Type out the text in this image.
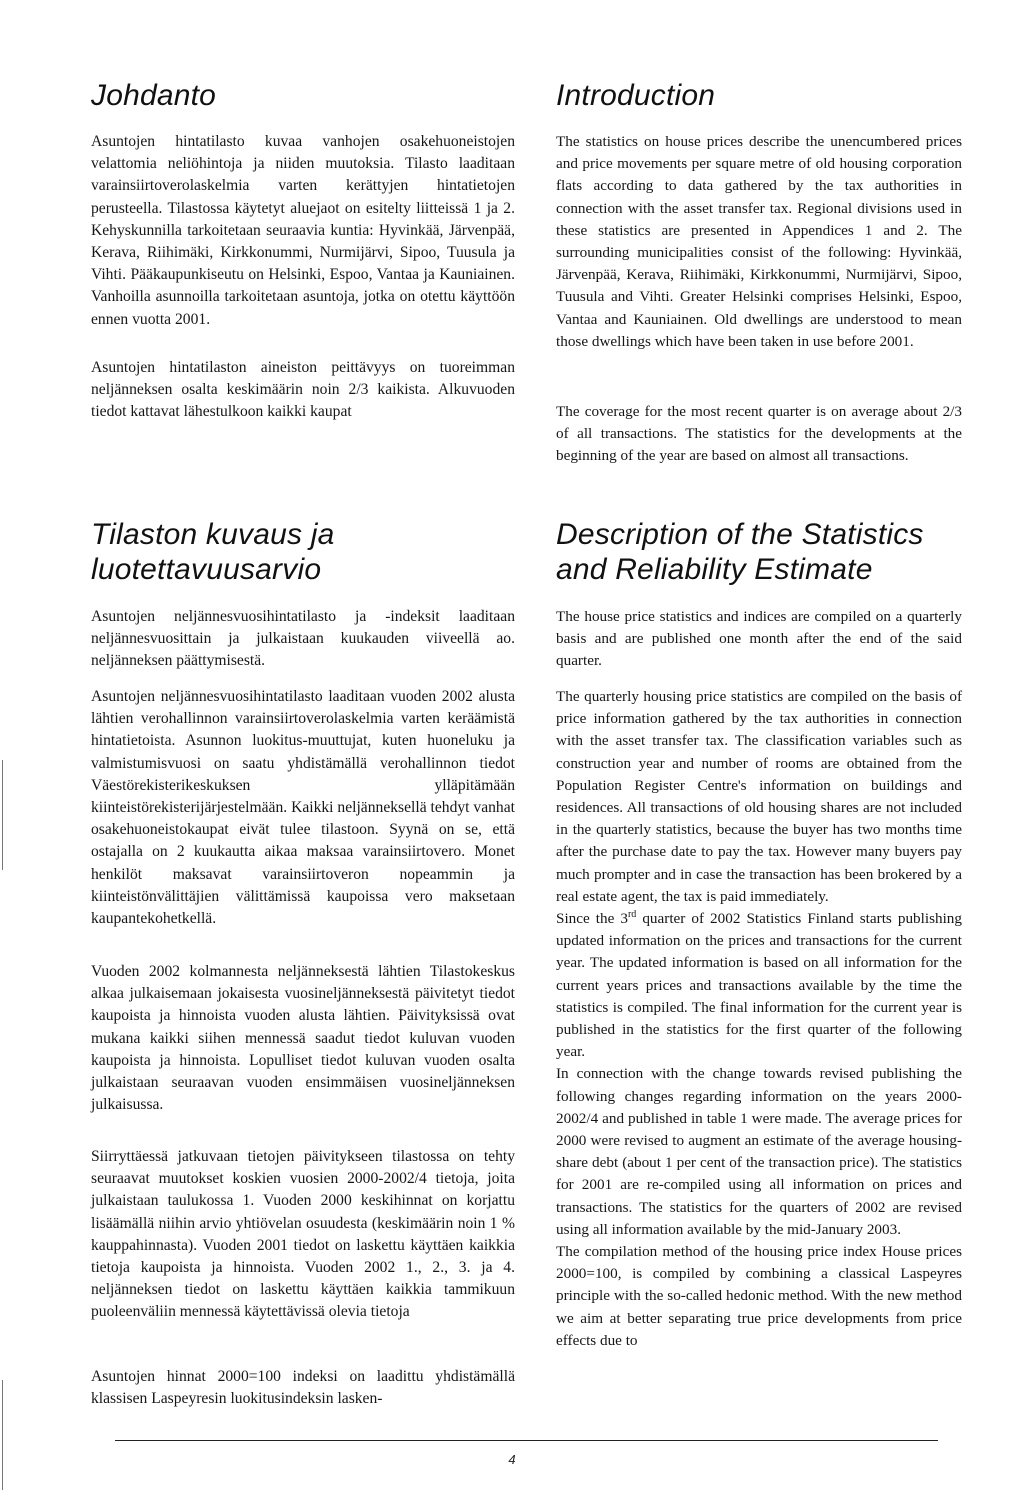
Johdanto

Asuntojen hintatilasto kuvaa vanhojen osakehuoneistojen velattomia neliöhintoja ja niiden muutoksia. Tilasto laaditaan varainsiirtoverolaskelmia varten kerättyjen hintatietojen perusteella. Tilastossa käytetyt aluejaot on esitelty liitteissä 1 ja 2. Kehyskunnilla tarkoitetaan seuraavia kuntia: Hyvinkää, Järvenpää, Kerava, Riihimäki, Kirkkonummi, Nurmijärvi, Sipoo, Tuusula ja Vihti. Pääkaupunkiseutu on Helsinki, Espoo, Vantaa ja Kauniainen. Vanhoilla asunnoilla tarkoitetaan asuntoja, jotka on otettu käyttöön ennen vuotta 2001.

Asuntojen hintatilaston aineiston peittävyys on tuoreimman neljänneksen osalta keskimäärin noin 2/3 kaikista. Alkuvuoden tiedot kattavat lähestulkoon kaikki kaupat

Tilaston kuvaus ja luotettavuusarvio

Asuntojen neljännesvuosihintatilasto ja -indeksit laaditaan neljännesvuosittain ja julkaistaan kuukauden viiveellä ao. neljänneksen päättymisestä.

Asuntojen neljännesvuosihintatilasto laaditaan vuoden 2002 alusta lähtien verohallinnon varainsiirtoverolaskelmia varten keräämistä hintatietoista. Asunnon luokitus-muuttujat, kuten huoneluku ja valmistumisvuosi on saatu yhdistämällä verohallinnon tiedot Väestörekisterikeskuksen ylläpitämään kiinteistörekisterijärjestelmään. Kaikki neljänneksellä tehdyt vanhat osakehuoneistokaupat eivät tulee tilastoon. Syynä on se, että ostajalla on 2 kuukautta aikaa maksaa varainsiirtovero. Monet henkilöt maksavat varainsiirtoveron nopeammin ja kiinteistönvälittäjien välittämissä kaupoissa vero maksetaan kaupantekohetkellä.

Vuoden 2002 kolmannesta neljänneksestä lähtien Tilastokeskus alkaa julkaisemaan jokaisesta vuosineljänneksestä päivitetyt tiedot kaupoista ja hinnoista vuoden alusta lähtien. Päivityksissä ovat mukana kaikki siihen mennessä saadut tiedot kuluvan vuoden kaupoista ja hinnoista. Lopulliset tiedot kuluvan vuoden osalta julkaistaan seuraavan vuoden ensimmäisen vuosineljänneksen julkaisussa.

Siirryttäessä jatkuvaan tietojen päivitykseen tilastossa on tehty seuraavat muutokset koskien vuosien 2000-2002/4 tietoja, joita julkaistaan taulukossa 1. Vuoden 2000 keskihinnat on korjattu lisäämällä niihin arvio yhtiövelan osuudesta (keskimäärin noin 1 % kauppahinnasta). Vuoden 2001 tiedot on laskettu käyttäen kaikkia tietoja kaupoista ja hinnoista. Vuoden 2002 1., 2., 3. ja 4. neljänneksen tiedot on laskettu käyttäen kaikkia tammikuun puoleenväliin mennessä käytettävissä olevia tietoja

Asuntojen hinnat 2000=100 indeksi on laadittu yhdistämällä klassisen Laspeyresin luokitusindeksin lasken-

Introduction

The statistics on house prices describe the unencumbered prices and price movements per square metre of old housing corporation flats according to data gathered by the tax authorities in connection with the asset transfer tax. Regional divisions used in these statistics are presented in Appendices 1 and 2. The surrounding municipalities consist of the following: Hyvinkää, Järvenpää, Kerava, Riihimäki, Kirkkonummi, Nurmijärvi, Sipoo, Tuusula and Vihti. Greater Helsinki comprises Helsinki, Espoo, Vantaa and Kauniainen. Old dwellings are understood to mean those dwellings which have been taken in use before 2001.

The coverage for the most recent quarter is on average about 2/3 of all transactions. The statistics for the developments at the beginning of the year are based on almost all transactions.

Description of the Statistics and Reliability Estimate

The house price statistics and indices are compiled on a quarterly basis and are published one month after the end of the said quarter.

The quarterly housing price statistics are compiled on the basis of price information gathered by the tax authorities in connection with the asset transfer tax. The classification variables such as construction year and number of rooms are obtained from the Population Register Centre's information on buildings and residences. All transactions of old housing shares are not included in the quarterly statistics, because the buyer has two months time after the purchase date to pay the tax. However many buyers pay much prompter and in case the transaction has been brokered by a real estate agent, the tax is paid immediately.
Since the 3rd quarter of 2002 Statistics Finland starts publishing updated information on the prices and transactions for the current year. The updated information is based on all information for the current years prices and transactions available by the time the statistics is compiled. The final information for the current year is published in the statistics for the first quarter of the following year.
In connection with the change towards revised publishing the following changes regarding information on the years 2000-2002/4 and published in table 1 were made. The average prices for 2000 were revised to augment an estimate of the average housing-share debt (about 1 per cent of the transaction price). The statistics for 2001 are re-compiled using all information on prices and transactions. The statistics for the quarters of 2002 are revised using all information available by the mid-January 2003.
The compilation method of the housing price index House prices 2000=100, is compiled by combining a classical Laspeyres principle with the so-called hedonic method. With the new method we aim at better separating true price developments from price effects due to
4
